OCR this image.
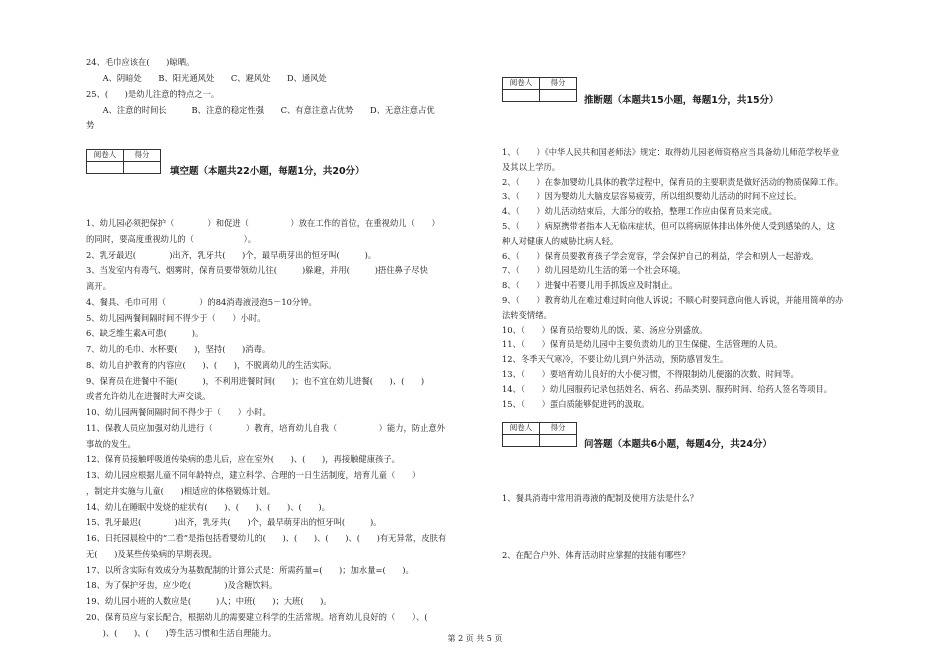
24、毛巾应该在(　　)晾晒。
　　A、阴暗处　　B、阳光通风处　　C、避风处　　D、通风处
25、(　　)是幼儿注意的特点之一。
　　A、注意的时间长　　　B、注意的稳定性强　　C、有意注意占优势　　D、无意注意占优
势
阅卷人	得分

填空题（本题共22小题，每题1分，共20分）
1、幼儿园必须把保护（　　　　）和促进（　　　　　）放在工作的首位，在重视幼儿（　　）
的同时，要高度重视幼儿的（　　　　　　）。
2、乳牙最迟(　　　　)出齐，乳牙共(　　)个，最早萌芽出的恒牙叫(　　　)。
3、当发室内有毒气、烟雾时，保育员要带领幼儿往(　　　)躲避，并用(　　　)捂住鼻子尽快
离开。
4、餐具、毛巾可用（　　　　）的84消毒液浸泡5－10分钟。
5、幼儿园两餐间隔时间不得少于（　　）小时。
6、缺乏维生素A可患(　　　)。
7、幼儿的毛巾、水杯要(　　)，坚持(　　)消毒。
8、幼儿自护教育的内容应(　　)、(　　)，不脱离幼儿的生活实际。
9、保育员在进餐中不能(　　　)，不利用进餐时间(　　)；也不宜在幼儿进餐(　　)、(　　)
或者允许幼儿在进餐时大声交谈。
10、幼儿园两餐间隔时间不得少于（　　）小时。
11、保教人员应加强对幼儿进行（　　　　）教育，培育幼儿自我（　　　　　）能力，防止意外
事故的发生。
12、保育员接触呼吸道传染病的患儿后，应在室外(　　)、(　　)，再接触健康孩子。
13、幼儿园应根据儿童不同年龄特点，建立科学、合理的一日生活制度，培育儿童（　　）
，制定并实施与儿童(　　)相适应的体格锻炼计划。
14、幼儿在睡眠中发烧的症状有(　　)、(　　)、(　　)、(　　)。
15、乳牙最迟(　　　　)出齐，乳牙共(　　)个，最早萌芽出的恒牙叫(　　　)。
16、日托园晨检中的“二看”是指包括看婴幼儿的(　　)、(　　)、(　　)、(　　)有无异常，皮肤有
无(　　)及某些传染病的早期表现。
17、以所含实际有效成分为基数配制的计算公式是：所需药量=(　　)；加水量=(　　)。
18、为了保护牙齿，应少吃(　　　　)及含糖饮料。
19、幼儿园小班的人数应是(　　　)人；中班(　　)；大班(　　)。
20、保育员应与家长配合，根据幼儿的需要建立科学的生活常规。培育幼儿良好的（　　）、(
　　)、(　　)、(　　)等生活习惯和生活自理能力。
阅卷人	得分

推断题（本题共15小题，每题1分，共15分）
1、（　　）《中华人民共和国老师法》规定：取得幼儿园老师资格应当具备幼儿师范学校毕业
及其以上学历。
2、（　　）在参加婴幼儿具体的教学过程中，保育员的主要职责是做好活动的物质保障工作。
3、（　　）因为婴幼儿大脑皮层容易疲劳，所以组织婴幼儿活动的时间不应过长。
4、（　　）幼儿活动结束后，大部分的收拾，整理工作应由保育员来完成。
5、（　　）病原携带者指本人无临床症状，但可以将病原体排出体外使人受到感染的人，这
种人对健康人的威胁比病人轻。
6、（　　）保育员要教育孩子学会宽容，学会保护自己的利益，学会和别人一起游戏。
7、（　　）幼儿园是幼儿生活的第一个社会环境。
8、（　　）进餐中若婴儿用手抓饭应及时制止。
9、（　　）教育幼儿在难过难过时向他人诉说；不顺心时要同意向他人诉说，并能用简单的办
法转变情绪。
10、（　　）保育员给婴幼儿的饭、菜、汤应分别盛放。
11、（　　）保育员是幼儿园中主要负责幼儿的卫生保健、生活管理的人员。
12、冬季天气寒冷，不要让幼儿到户外活动，预防感冒发生。
13、（　　）要培育幼儿良好的大小便习惯，不得限制幼儿便溺的次数、时间等。
14、（　　）幼儿园服药记录包括姓名、病名、药品类别、服药时间、给药人签名等项目。
15、（　　）蛋白质能够促进钙的汲取。
阅卷人	得分

问答题（本题共6小题，每题4分，共24分）
1、餐具消毒中常用消毒液的配制及使用方法是什么？
2、在配合户外、体育活动时应掌握的技能有哪些？
第 2 页 共 5 页
